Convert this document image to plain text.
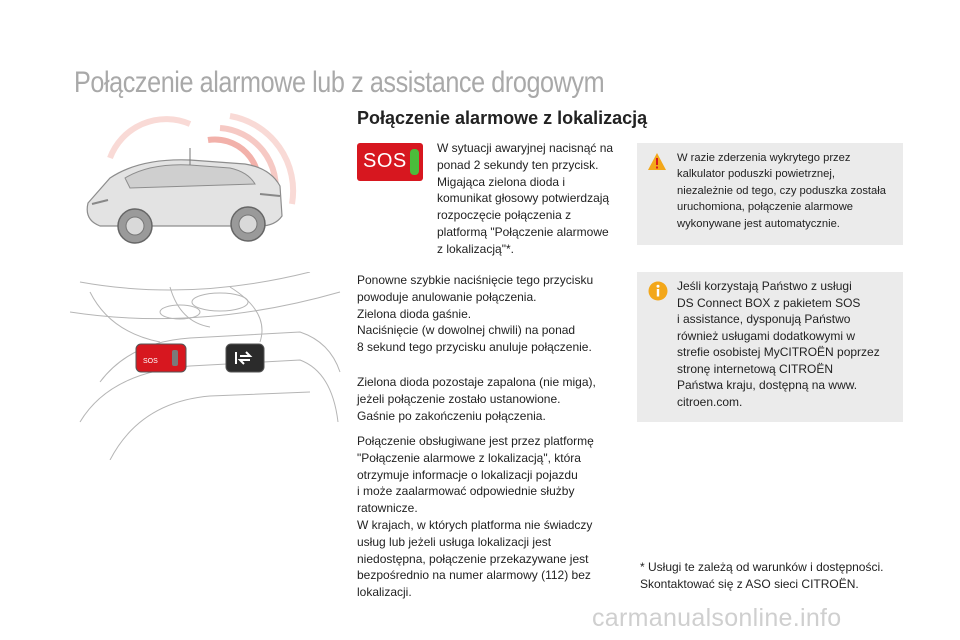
Połączenie alarmowe lub z assistance drogowym
Połączenie alarmowe z lokalizacją
SOS
SOS
W sytuacji awaryjnej nacisnąć na
ponad 2 sekundy ten przycisk.
Migająca zielona dioda i
komunikat głosowy potwierdzają
rozpoczęcie połączenia z
platformą "Połączenie alarmowe
z lokalizacją"*.
Ponowne szybkie naciśnięcie tego przycisku
powoduje anulowanie połączenia.
Zielona dioda gaśnie.
Naciśnięcie (w dowolnej chwili) na ponad
8 sekund tego przycisku anuluje połączenie.
Zielona dioda pozostaje zapalona (nie miga),
jeżeli połączenie zostało ustanowione.
Gaśnie po zakończeniu połączenia.
Połączenie obsługiwane jest przez platformę
"Połączenie alarmowe z lokalizacją", która
otrzymuje informacje o lokalizacji pojazdu
i może zaalarmować odpowiednie służby
ratownicze.
W krajach, w których platforma nie świadczy
usług lub jeżeli usługa lokalizacji jest
niedostępna, połączenie przekazywane jest
bezpośrednio na numer alarmowy (112) bez
lokalizacji.
W razie zderzenia wykrytego przez
kalkulator poduszki powietrznej,
niezależnie od tego, czy poduszka została
uruchomiona, połączenie alarmowe
wykonywane jest automatycznie.
Jeśli korzystają Państwo z usługi
DS Connect BOX z pakietem SOS
i assistance, dysponują Państwo
również usługami dodatkowymi w
strefie osobistej MyCITROËN poprzez
stronę internetową CITROËN
Państwa kraju, dostępną na www.
citroen.com.
* Usługi te zależą od warunków i dostępności.
Skontaktować się z ASO sieci CITROËN.
carmanualsonline.info
